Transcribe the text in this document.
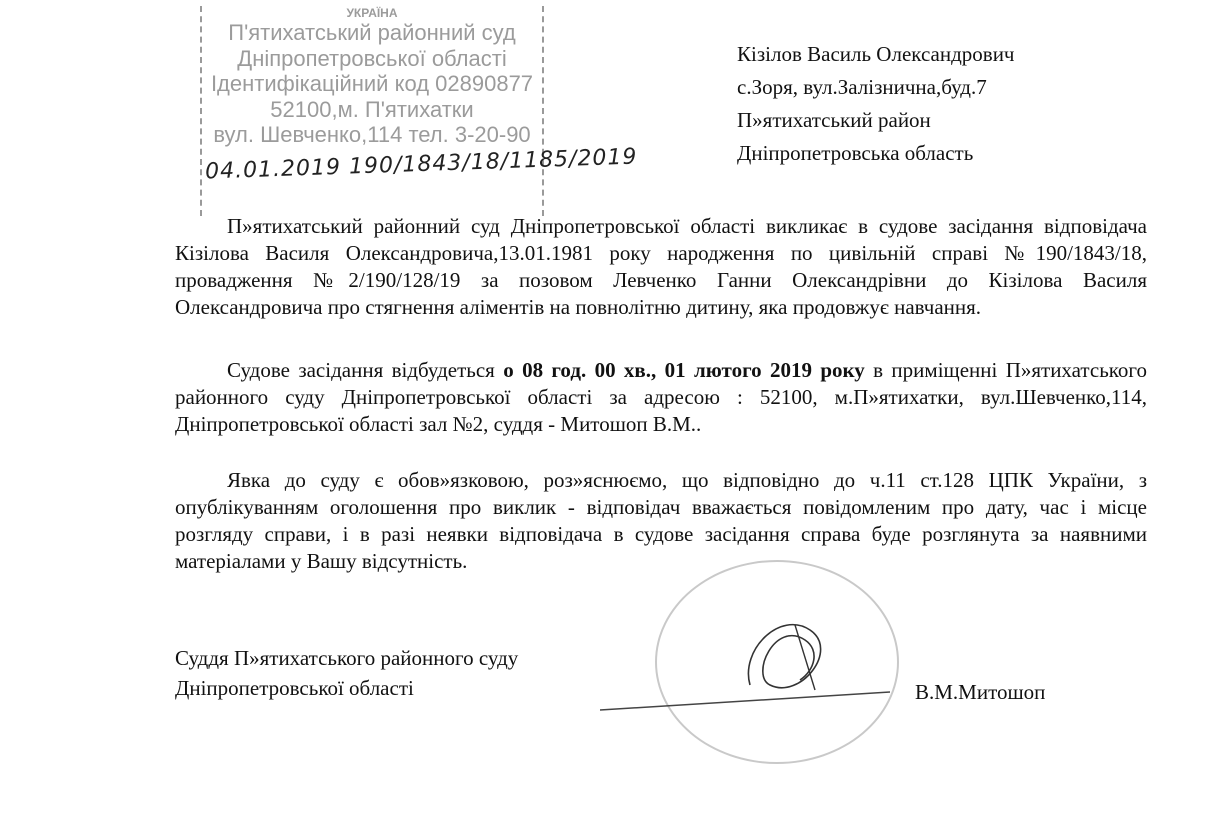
УКРАЇНА
П'ятихатський районний суд
Дніпропетровської області
Ідентифікаційний код 02890877
52100,м. П'ятихатки
вул. Шевченко,114 тел. 3-20-90
04.01.2019 190/1843/18/1185/2019
Кізілов Василь Олександрович
с.Зоря, вул.Залізнична,буд.7
П»ятихатський район
Дніпропетровська область

П»ятихатський районний суд Дніпропетровської області викликає в судове засідання відповідача Кізілова Василя Олександровича,13.01.1981 року народження по цивільній справі №190/1843/18, провадження №2/190/128/19 за позовом Левченко Ганни Олександрівни до Кізілова Василя Олександровича про стягнення аліментів на повнолітню дитину, яка продовжує навчання.

Судове засідання відбудеться о 08 год. 00 хв., 01 лютого 2019 року в приміщенні П»ятихатського районного суду Дніпропетровської області за адресою : 52100, м.П»ятихатки, вул.Шевченко,114, Дніпропетровської області зал №2, суддя - Митошоп В.М..

Явка до суду є обов»язковою, роз»яснюємо, що відповідно до ч.11 ст.128 ЦПК України, з опублікуванням оголошення про виклик - відповідач вважається повідомленим про дату, час і місце розгляду справи, і в разі неявки відповідача в судове засідання справа буде розглянута за наявними матеріалами у Вашу відсутність.

Суддя П»ятихатського районного суду
Дніпропетровської області	В.М.Митошоп
